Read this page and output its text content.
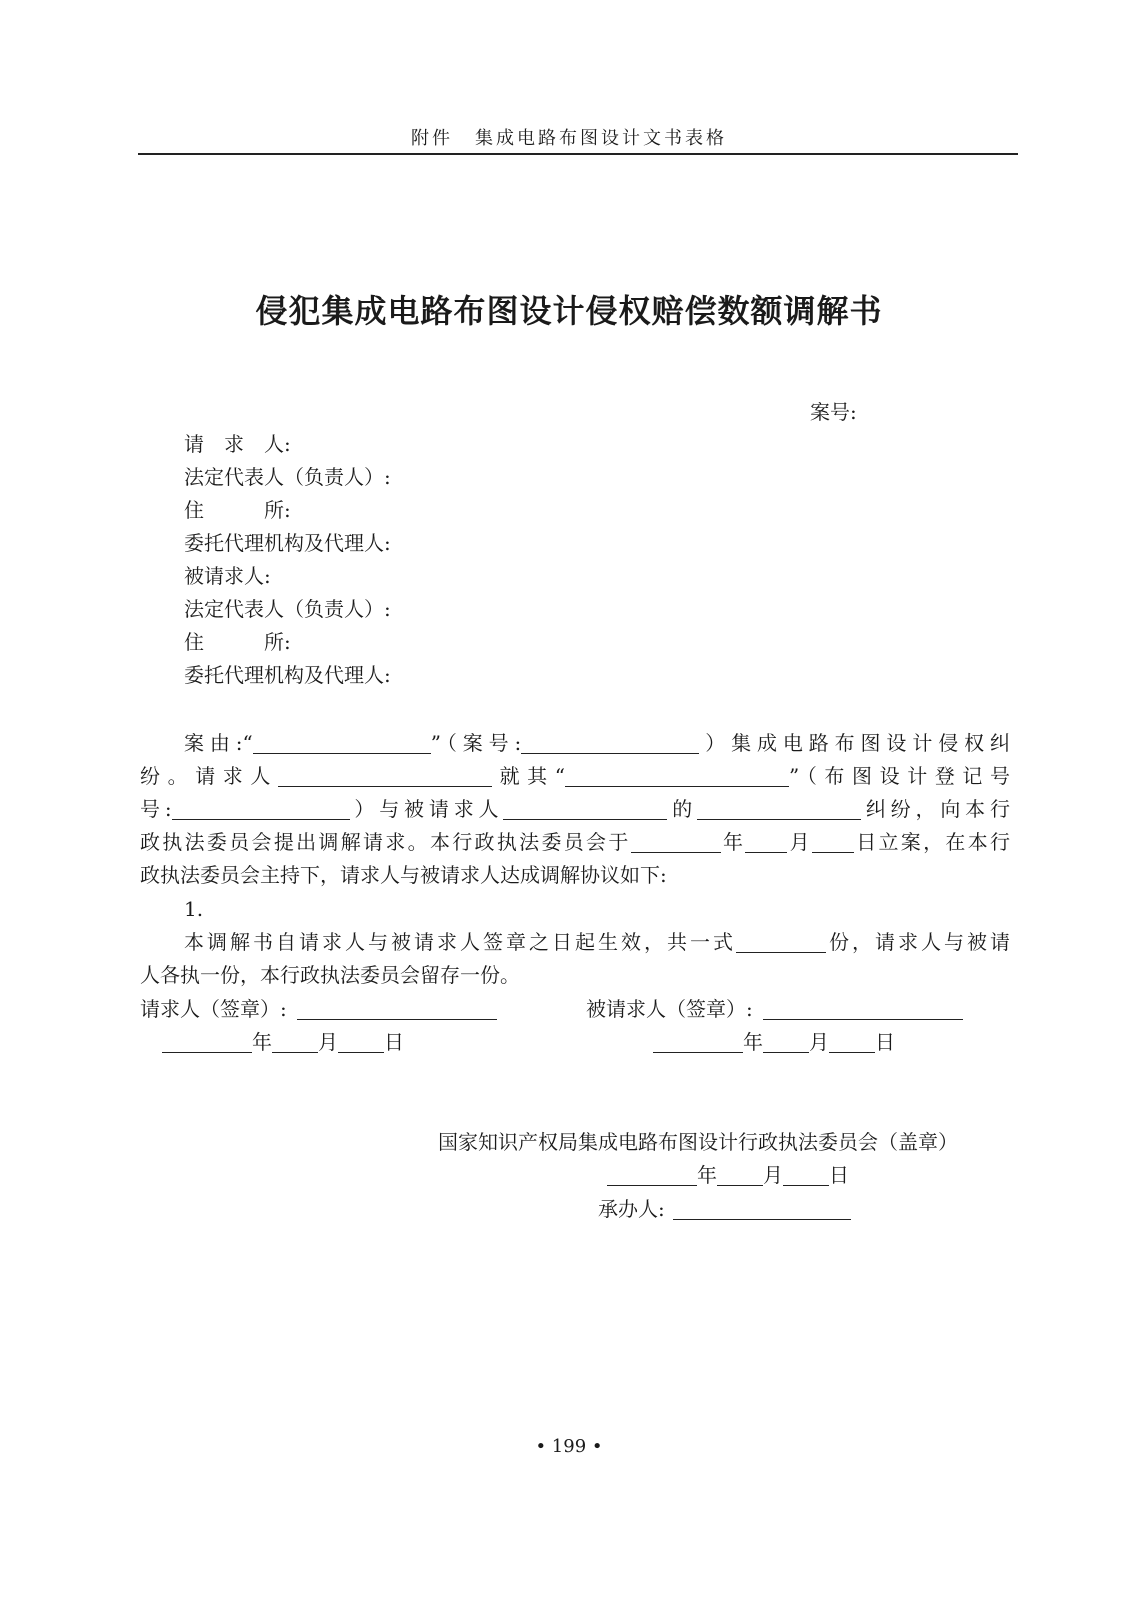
附件 集成电路布图设计文书表格
侵犯集成电路布图设计侵权赔偿数额调解书
案号:
请　求　人:
法定代表人（负责人）:
住　　　所:
委托代理机构及代理人:
被请求人:
法定代表人（负责人）:
住　　　所:
委托代理机构及代理人:
案由:“	”（案号:	）集成电路布图设计侵权纠
纷。请求人	就其“	”（布图设计登记号
号:	）与被请求人	的	纠纷，向本行
政执法委员会提出调解请求。本行政执法委员会于	年 月 日立案，在本行
政执法委员会主持下，请求人与被请求人达成调解协议如下:
1.
本调解书自请求人与被请求人签章之日起生效，共一式	份，请求人与被请
人各执一份，本行政执法委员会留存一份。
请求人（签章）:	被请求人（签章）:
年 月 日	年 月 日
国家知识产权局集成电路布图设计行政执法委员会（盖章）
年 月 日
承办人:
• 199 •
